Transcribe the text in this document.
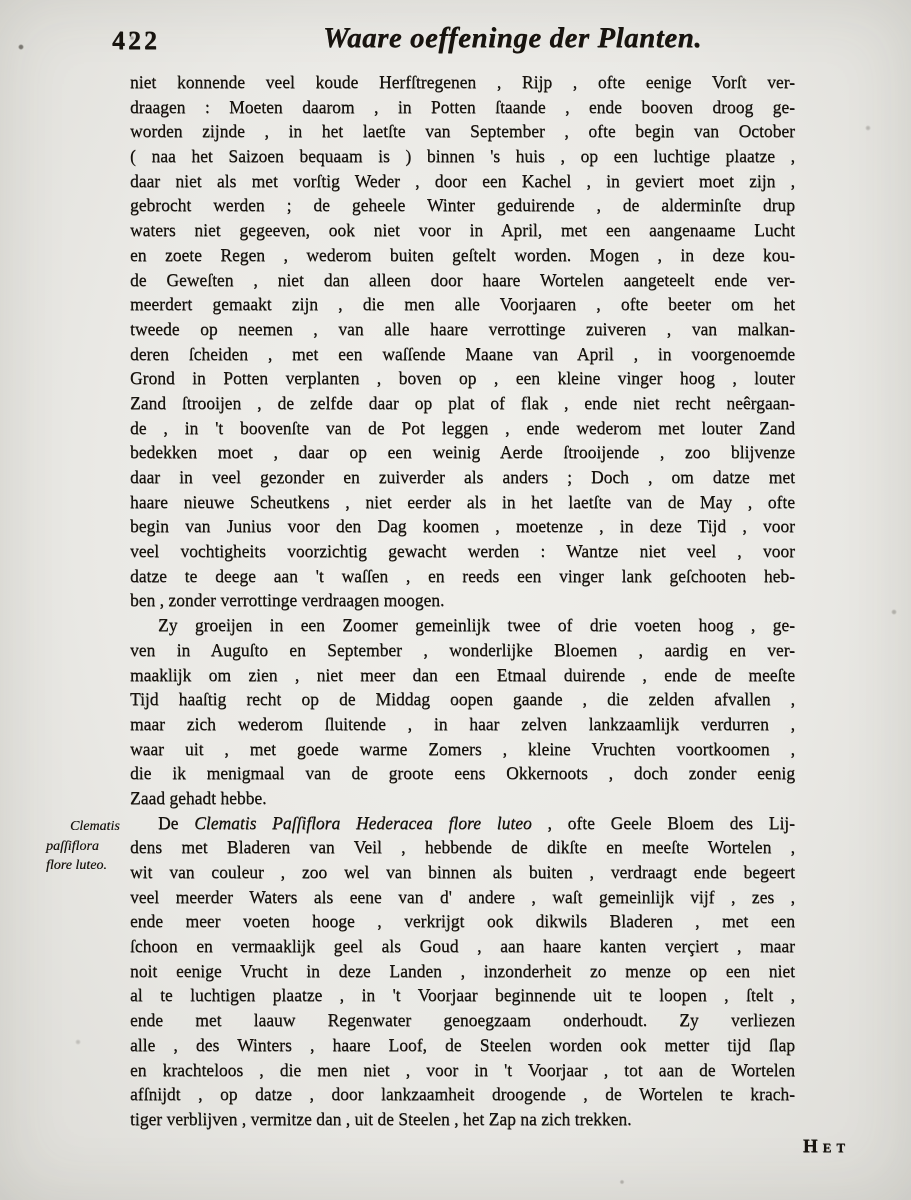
422	Waare oeffeninge der Planten.
Clematis
paſſiflora
flore luteo.
niet konnende veel koude Herfſtregenen , Rijp , ofte eenige Vorſt ver-
draagen : Moeten daarom , in Potten ſtaande , ende booven droog ge-
worden zijnde , in het laetſte van September , ofte begin van October
( naa het Saizoen bequaam is ) binnen 's huis , op een luchtige plaatze ,
daar niet als met vorſtig Weder , door een Kachel , in geviert moet zijn ,
gebrocht werden ; de geheele Winter geduirende , de alderminſte drup
waters niet gegeeven, ook niet voor in April, met een aangenaame Lucht
en zoete Regen , wederom buiten geſtelt worden. Mogen , in deze kou-
de Geweſten , niet dan alleen door haare Wortelen aangeteelt ende ver-
meerdert gemaakt zijn , die men alle Voorjaaren , ofte beeter om het
tweede op neemen , van alle haare verrottinge zuiveren , van malkan-
deren ſcheiden , met een waſſende Maane van April , in voorgenoemde
Grond in Potten verplanten , boven op , een kleine vinger hoog , louter
Zand ſtrooijen , de zelfde daar op plat of flak , ende niet recht neêrgaan-
de , in 't boovenſte van de Pot leggen , ende wederom met louter Zand
bedekken moet , daar op een weinig Aerde ſtrooijende , zoo blijvenze
daar in veel gezonder en zuiverder als anders ; Doch , om datze met
haare nieuwe Scheutkens , niet eerder als in het laetſte van de May , ofte
begin van Junius voor den Dag koomen , moetenze , in deze Tijd , voor
veel vochtigheits voorzichtig gewacht werden : Wantze niet veel , voor
datze te deege aan 't waſſen , en reeds een vinger lank geſchooten heb-
ben , zonder verrottinge verdraagen moogen.
Zy groeijen in een Zoomer gemeinlijk twee of drie voeten hoog , ge-
ven in Auguſto en September , wonderlijke Bloemen , aardig en ver-
maaklijk om zien , niet meer dan een Etmaal duirende , ende de meeſte
Tijd haaſtig recht op de Middag oopen gaande , die zelden afvallen ,
maar zich wederom ſluitende , in haar zelven lankzaamlijk verdurren ,
waar uit , met goede warme Zomers , kleine Vruchten voortkoomen ,
die ik menigmaal van de groote eens Okkernoots , doch zonder eenig
Zaad gehadt hebbe.
De Clematis Paſſiflora Hederacea flore luteo , ofte Geele Bloem des Lij-
dens met Bladeren van Veil , hebbende de dikſte en meeſte Wortelen ,
wit van couleur , zoo wel van binnen als buiten , verdraagt ende begeert
veel meerder Waters als eene van d' andere , waſt gemeinlijk vijf , zes ,
ende meer voeten hooge , verkrijgt ook dikwils Bladeren , met een
ſchoon en vermaaklijk geel als Goud , aan haare kanten verçiert , maar
noit eenige Vrucht in deze Landen , inzonderheit zo menze op een niet
al te luchtigen plaatze , in 't Voorjaar beginnende uit te loopen , ſtelt ,
ende met laauw Regenwater genoegzaam onderhoudt. Zy verliezen
alle , des Winters , haare Loof, de Steelen worden ook metter tijd ſlap
en krachteloos , die men niet , voor in 't Voorjaar , tot aan de Wortelen
afſnijdt , op datze , door lankzaamheit droogende , de Wortelen te krach-
tiger verblijven , vermitze dan , uit de Steelen , het Zap na zich trekken.
Het
